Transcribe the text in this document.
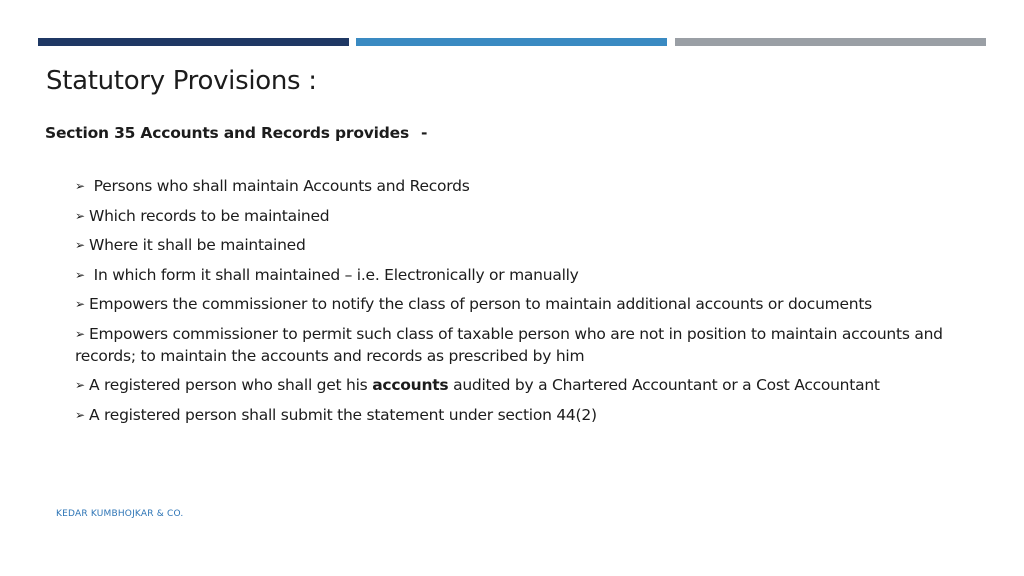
Statutory Provisions :
Section 35 Accounts and Records provides -
➢ Persons who shall maintain Accounts and Records
➢ Which records to be maintained
➢ Where it shall be maintained
➢ In which form it shall maintained – i.e. Electronically or manually
➢ Empowers the commissioner to notify the class of person to maintain additional accounts or documents
➢ Empowers commissioner to permit such class of taxable person who are not in position to maintain accounts and records; to maintain the accounts and records as prescribed by him
➢ A registered person who shall get his accounts audited by a Chartered Accountant or a Cost Accountant
➢ A registered person shall submit the statement under section 44(2)
KEDAR KUMBHOJKAR & CO.
